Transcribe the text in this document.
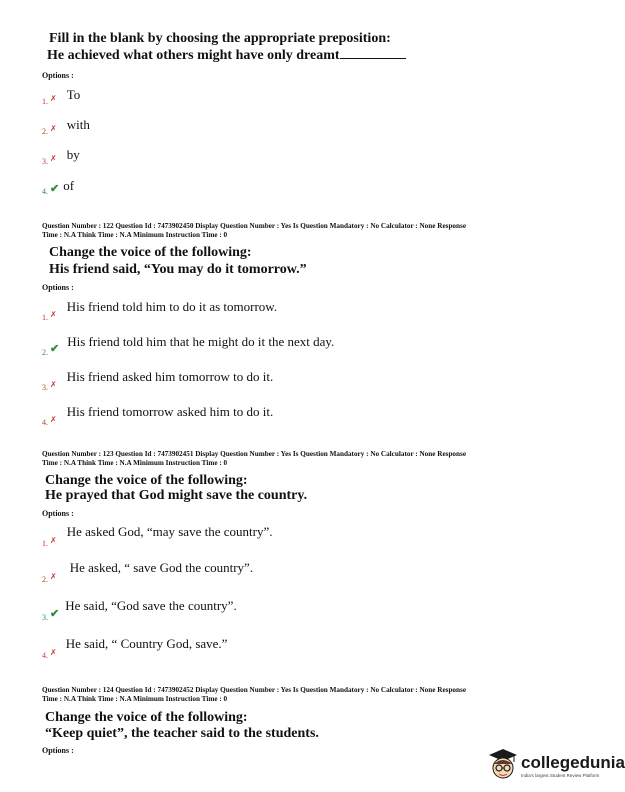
Fill in the blank by choosing the appropriate preposition:
He achieved what others might have only dreamt
Options :
$_{1.}$ ✗ To
$_{2.}$ ✗ with
$_{3.}$ ✗ by
$_{4.}$ ✔ of
Question Number : 122 Question Id : 7473902450 Display Question Number : Yes Is Question Mandatory : No Calculator : None Response
Time : N.A Think Time : N.A Minimum Instruction Time : 0
Change the voice of the following:
His friend said, “You may do it tomorrow.”
Options :
$_{1.}$ $_✗$ His friend told him to do it as tomorrow.
$_{2.}$ $_✔$ His friend told him that he might do it the next day.
$_{3.}$ $_✗$ His friend asked him tomorrow to do it.
$_{4.}$ $_✗$ His friend tomorrow asked him to do it.
Question Number : 123 Question Id : 7473902451 Display Question Number : Yes Is Question Mandatory : No Calculator : None Response
Time : N.A Think Time : N.A Minimum Instruction Time : 0
Change the voice of the following:
He prayed that God might save the country.
Options :
$_{1.}$ $_✗$ He asked God, “may save the country”.
$_{2.}$ $_✗$ He asked, “ save God the country”.
$_{3.}$ $_✔$ He said, “God save the country”.
$_{4.}$ $_✗$ He said, “ Country God, save.”
Question Number : 124 Question Id : 7473902452 Display Question Number : Yes Is Question Mandatory : No Calculator : None Response
Time : N.A Think Time : N.A Minimum Instruction Time : 0
Change the voice of the following:
“Keep quiet”, the teacher said to the students.
Options :
collegedunia
India's largest Student Review Platform
